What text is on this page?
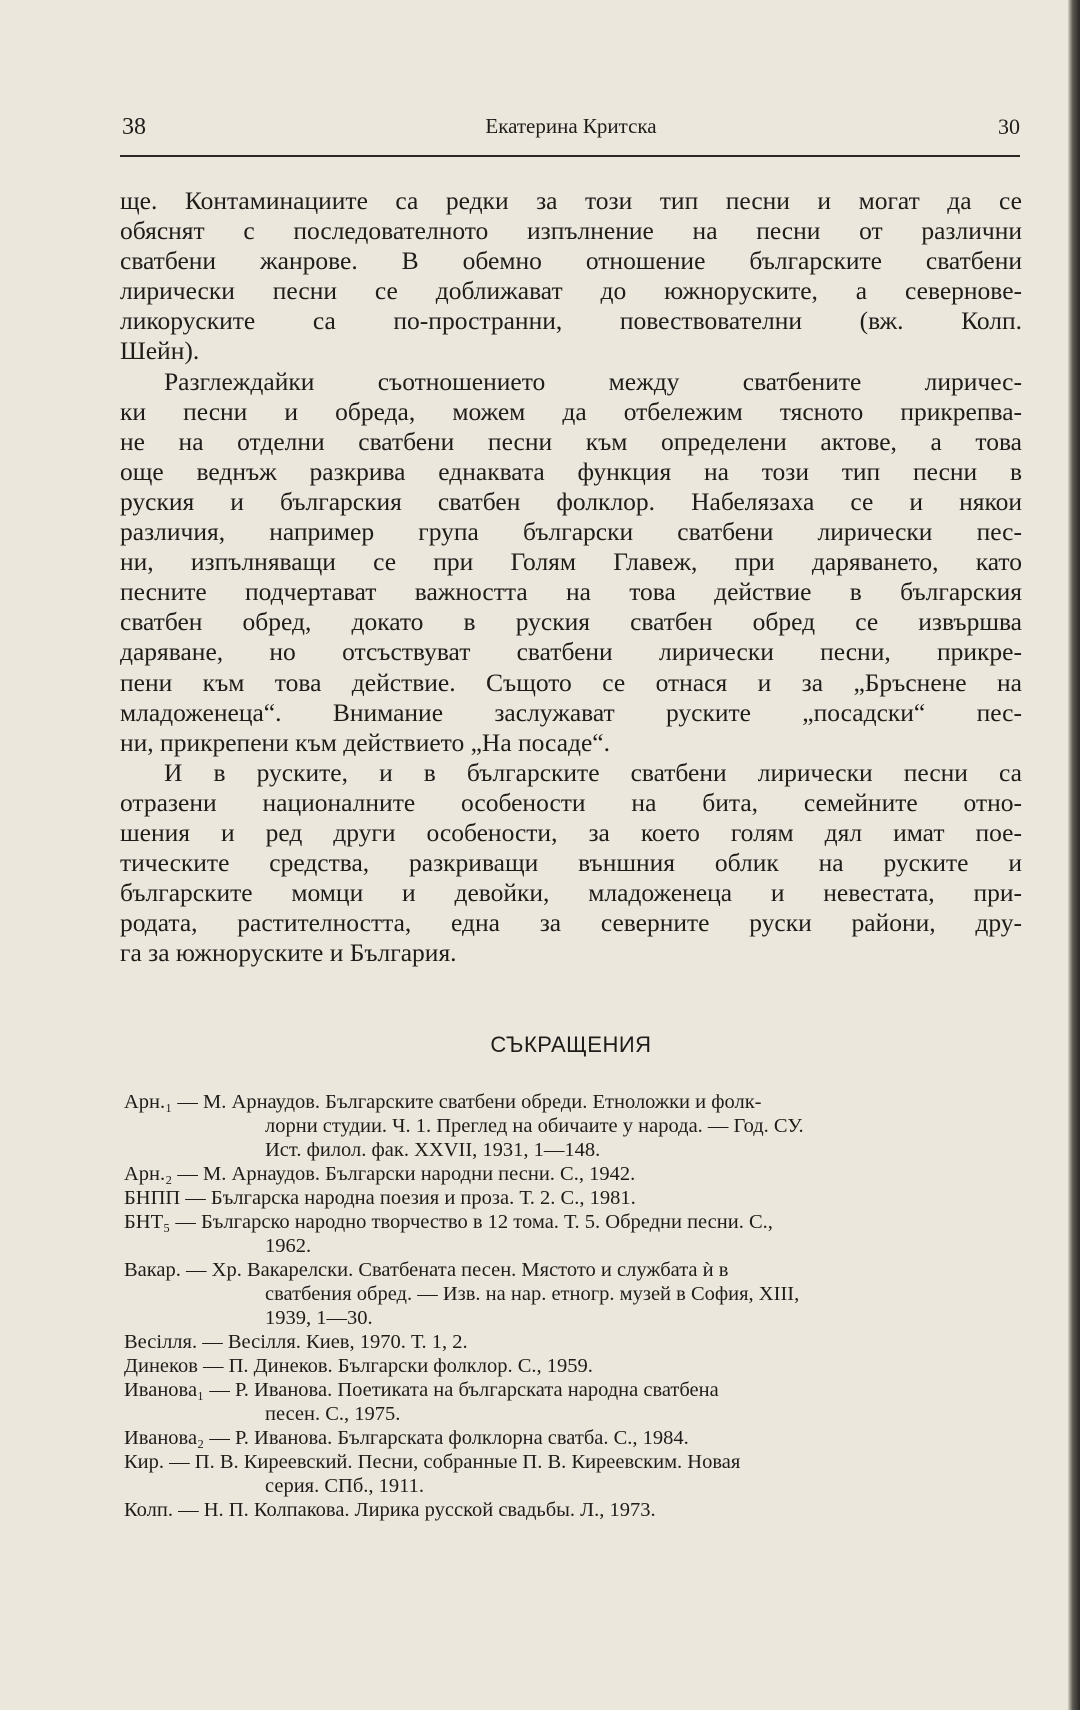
38	Екатерина Критска	30
ще. Контаминациите са редки за този тип песни и могат да се
обяснят с последователното изпълнение на песни от различни
сватбени жанрове. В обемно отношение българските сватбени
лирически песни се доближават до южноруските, а севернове-
ликоруските са по-пространни, повествователни (вж. Колп.
Шейн).
Разглеждайки съотношението между сватбените лиричес-
ки песни и обреда, можем да отбележим тясното прикрепва-
не на отделни сватбени песни към определени актове, а това
още веднъж разкрива еднаквата функция на този тип песни в
руския и българския сватбен фолклор. Набелязаха се и някои
различия, например група български сватбени лирически пес-
ни, изпълняващи се при Голям Главеж, при даряването, като
песните подчертават важността на това действие в българския
сватбен обред, докато в руския сватбен обред се извършва
даряване, но отсъствуват сватбени лирически песни, прикре-
пени към това действие. Същото се отнася и за „Бръснене на
младоженеца“. Внимание заслужават руските „посадски“ пес-
ни, прикрепени към действието „На посаде“.
И в руските, и в българските сватбени лирически песни са
отразени националните особености на бита, семейните отно-
шения и ред други особености, за което голям дял имат пое-
тическите средства, разкриващи външния облик на руските и
българските момци и девойки, младоженеца и невестата, при-
родата, растителността, една за северните руски райони, дру-
га за южноруските и България.
СЪКРАЩЕНИЯ
Арн.₁ — М. Арнаудов. Българските сватбени обреди. Етноложки и фолк-
лорни студии. Ч. 1. Преглед на обичаите у народа. — Год. СУ.
Ист. филол. фак. XXVII, 1931, 1—148.
Арн.₂ — М. Арнаудов. Български народни песни. С., 1942.
БНПП — Българска народна поезия и проза. Т. 2. С., 1981.
БНТ₅ — Българско народно творчество в 12 тома. Т. 5. Обредни песни. С.,
1962.
Вакар. — Хр. Вакарелски. Сватбената песен. Мястото и службата ѝ в
сватбения обред. — Изв. на нар. етногр. музей в София, XIII,
1939, 1—30.
Весiлля. — Весiлля. Киев, 1970. Т. 1, 2.
Динеков — П. Динеков. Български фолклор. С., 1959.
Иванова₁ — Р. Иванова. Поетиката на българската народна сватбена
песен. С., 1975.
Иванова₂ — Р. Иванова. Българската фолклорна сватба. С., 1984.
Кир. — П. В. Киреевский. Песни, собранные П. В. Киреевским. Новая
серия. СПб., 1911.
Колп. — Н. П. Колпакова. Лирика русской свадьбы. Л., 1973.
